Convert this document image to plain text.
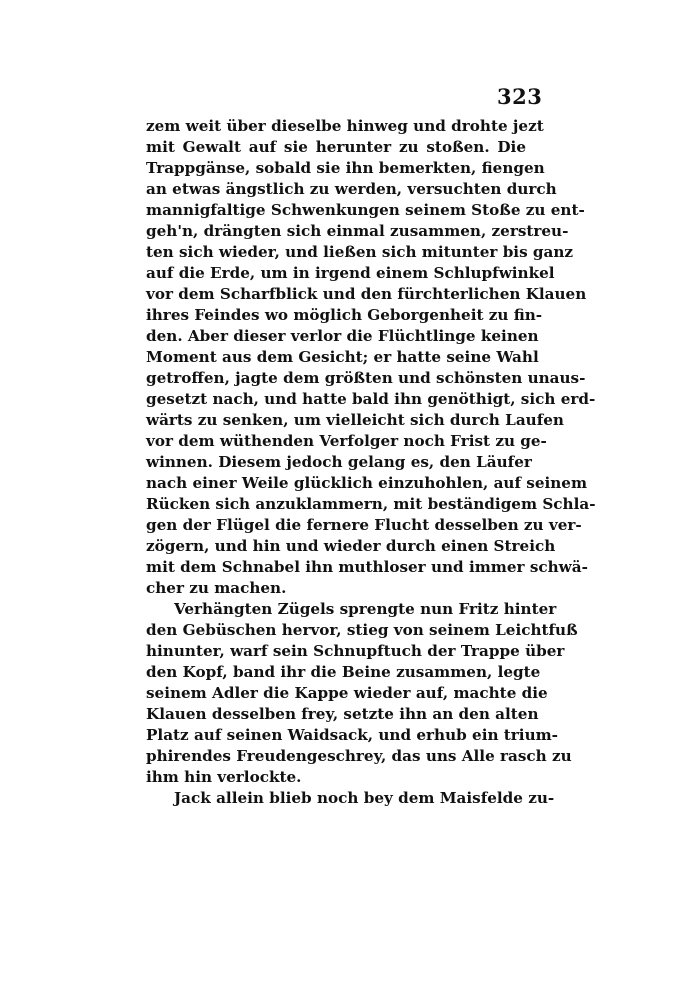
323
zem weit über dieselbe hinweg und drohte jezt
mit Gewalt auf sie herunter zu stoßen. Die
Trappgänse, sobald sie ihn bemerkten, fiengen
an etwas ängstlich zu werden, versuchten durch
mannigfaltige Schwenkungen seinem Stoße zu ent-
geh'n, drängten sich einmal zusammen, zerstreu-
ten sich wieder, und ließen sich mitunter bis ganz
auf die Erde, um in irgend einem Schlupfwinkel
vor dem Scharfblick und den fürchterlichen Klauen
ihres Feindes wo möglich Geborgenheit zu fin-
den. Aber dieser verlor die Flüchtlinge keinen
Moment aus dem Gesicht; er hatte seine Wahl
getroffen, jagte dem größten und schönsten unaus-
gesetzt nach, und hatte bald ihn genöthigt, sich erd-
wärts zu senken, um vielleicht sich durch Laufen
vor dem wüthenden Verfolger noch Frist zu ge-
winnen. Diesem jedoch gelang es, den Läufer
nach einer Weile glücklich einzuhohlen, auf seinem
Rücken sich anzuklammern, mit beständigem Schla-
gen der Flügel die fernere Flucht desselben zu ver-
zögern, und hin und wieder durch einen Streich
mit dem Schnabel ihn muthloser und immer schwä-
cher zu machen.
Verhängten Zügels sprengte nun Fritz hinter
den Gebüschen hervor, stieg von seinem Leichtfuß
hinunter, warf sein Schnupftuch der Trappe über
den Kopf, band ihr die Beine zusammen, legte
seinem Adler die Kappe wieder auf, machte die
Klauen desselben frey, setzte ihn an den alten
Platz auf seinen Waidsack, und erhub ein trium-
phirendes Freudengeschrey, das uns Alle rasch zu
ihm hin verlockte.
Jack allein blieb noch bey dem Maisfelde zu-
